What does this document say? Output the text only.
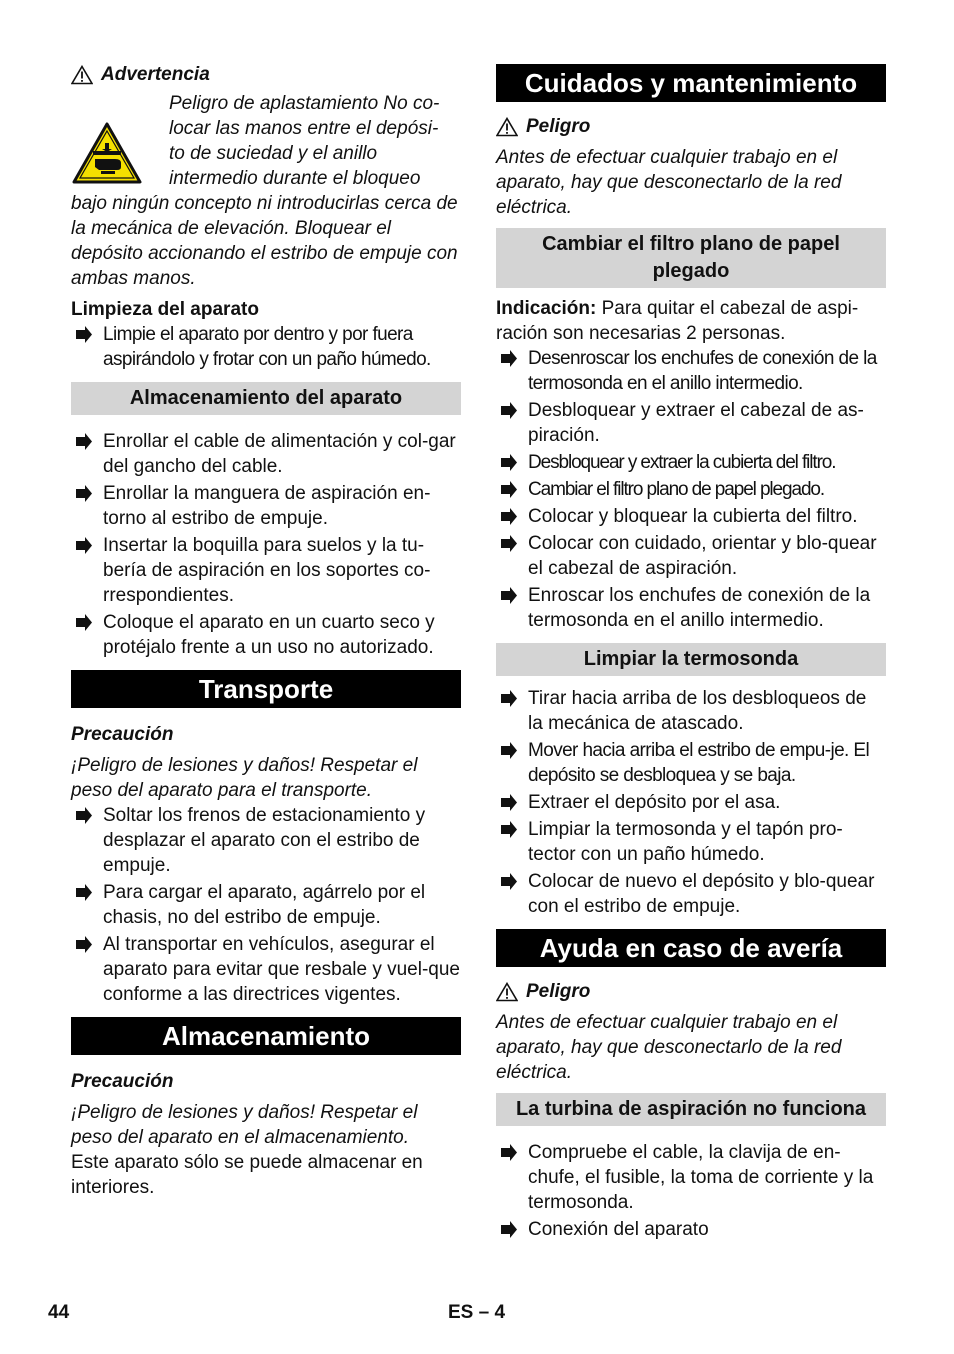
Advertencia

Peligro de aplastamiento No co-

locar las manos entre el depósi-

to de suciedad y el anillo

intermedio durante el bloqueo

bajo ningún concepto ni introducirlas cerca de la mecánica de elevación. Bloquear el depósito accionando el estribo de empuje con ambas manos.

Limpieza del aparato

Limpie el aparato por dentro y por fuera aspirándolo y frotar con un paño húmedo.
Almacenamiento del aparato
Enrollar el cable de alimentación y col-gar del gancho del cable.
Enrollar la manguera de aspiración en-torno al estribo de empuje.
Insertar la boquilla para suelos y la tu-bería de aspiración en los soportes co-rrespondientes.
Coloque el aparato en un cuarto seco y protéjalo frente a un uso no autorizado.
Transporte

Precaución

¡Peligro de lesiones y daños! Respetar el peso del aparato para el transporte.

Soltar los frenos de estacionamiento y desplazar el aparato con el estribo de empuje.
Para cargar el aparato, agárrelo por el chasis, no del estribo de empuje.
Al transportar en vehículos, asegurar el aparato para evitar que resbale y vuel-que conforme a las directrices vigentes.
Almacenamiento

Precaución

¡Peligro de lesiones y daños! Respetar el peso del aparato en el almacenamiento.

Este aparato sólo se puede almacenar en interiores.

Cuidados y mantenimiento
Peligro

Antes de efectuar cualquier trabajo en el aparato, hay que desconectarlo de la red eléctrica.

Cambiar el filtro plano de papel plegado

Indicación: Para quitar el cabezal de aspi-ración son necesarias 2 personas.

Desenroscar los enchufes de conexión de la termosonda en el anillo intermedio.
Desbloquear y extraer el cabezal de as-piración.
Desbloquear y extraer la cubierta del filtro.
Cambiar el filtro plano de papel plegado.
Colocar y bloquear la cubierta del filtro.
Colocar con cuidado, orientar y blo-quear el cabezal de aspiración.
Enroscar los enchufes de conexión de la termosonda en el anillo intermedio.
Limpiar la termosonda
Tirar hacia arriba de los desbloqueos de la mecánica de atascado.
Mover hacia arriba el estribo de empu-je. El depósito se desbloquea y se baja.
Extraer el depósito por el asa.
Limpiar la termosonda y el tapón pro-tector con un paño húmedo.
Colocar de nuevo el depósito y blo-quear con el estribo de empuje.
Ayuda en caso de avería
Peligro

Antes de efectuar cualquier trabajo en el aparato, hay que desconectarlo de la red eléctrica.

La turbina de aspiración no funciona
Compruebe el cable, la clavija de en-chufe, el fusible, la toma de corriente y la termosonda.
Conexión del aparato
44	ES – 4
